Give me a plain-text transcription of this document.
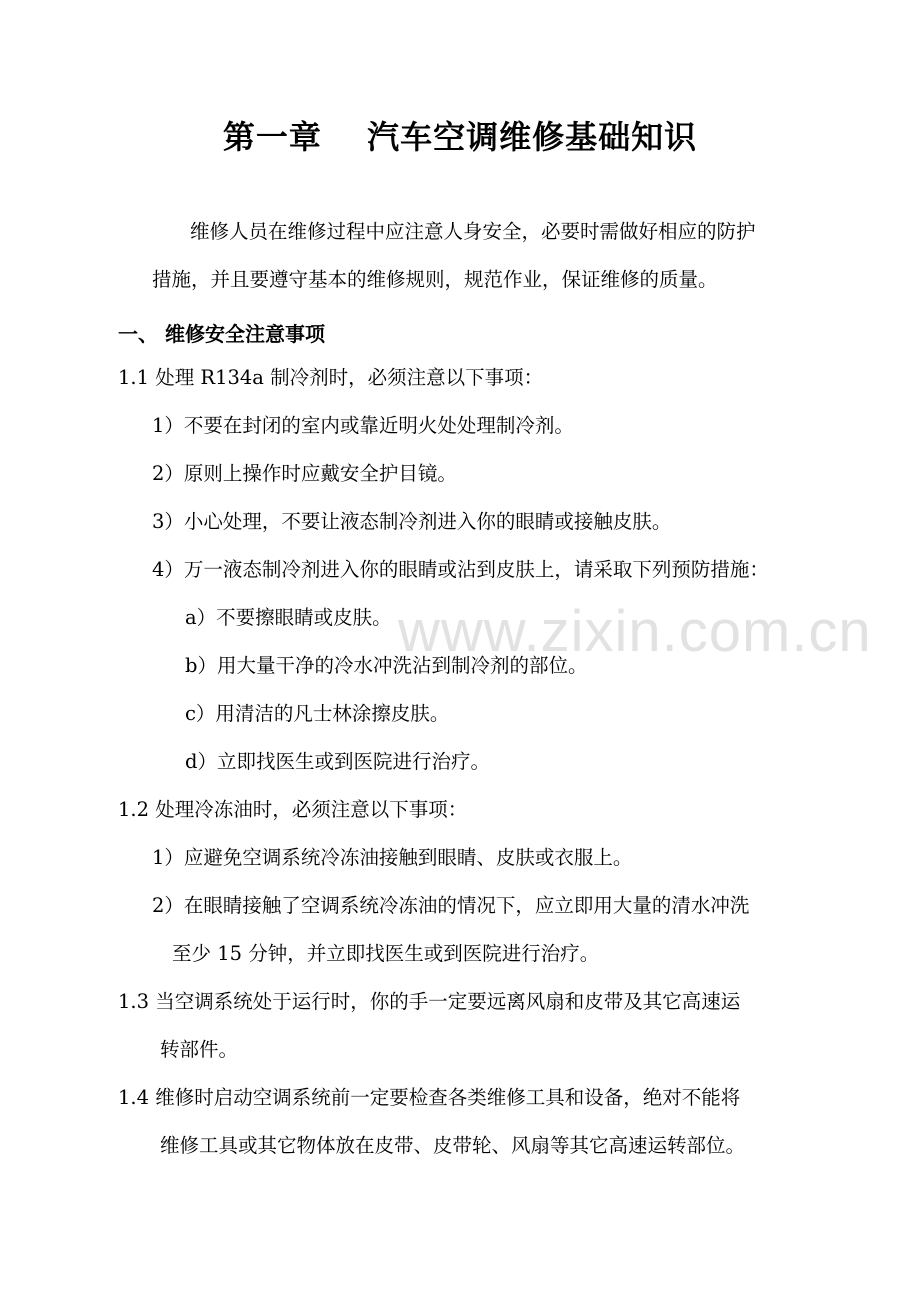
www.zixin.com.cn
第一章　 汽车空调维修基础知识
维修人员在维修过程中应注意人身安全，必要时需做好相应的防护
措施，并且要遵守基本的维修规则，规范作业，保证维修的质量。
一、 维修安全注意事项
1.1 处理 R134a 制冷剂时，必须注意以下事项：
1）不要在封闭的室内或靠近明火处处理制冷剂。
2）原则上操作时应戴安全护目镜。
3）小心处理，不要让液态制冷剂进入你的眼睛或接触皮肤。
4）万一液态制冷剂进入你的眼睛或沾到皮肤上，请采取下列预防措施：
a）不要擦眼睛或皮肤。
b）用大量干净的冷水冲洗沾到制冷剂的部位。
c）用清洁的凡士林涂擦皮肤。
d）立即找医生或到医院进行治疗。
1.2 处理冷冻油时，必须注意以下事项：
1）应避免空调系统冷冻油接触到眼睛、皮肤或衣服上。
2）在眼睛接触了空调系统冷冻油的情况下，应立即用大量的清水冲洗
至少 15 分钟，并立即找医生或到医院进行治疗。
1.3 当空调系统处于运行时，你的手一定要远离风扇和皮带及其它高速运
转部件。
1.4 维修时启动空调系统前一定要检查各类维修工具和设备，绝对不能将
维修工具或其它物体放在皮带、皮带轮、风扇等其它高速运转部位。
